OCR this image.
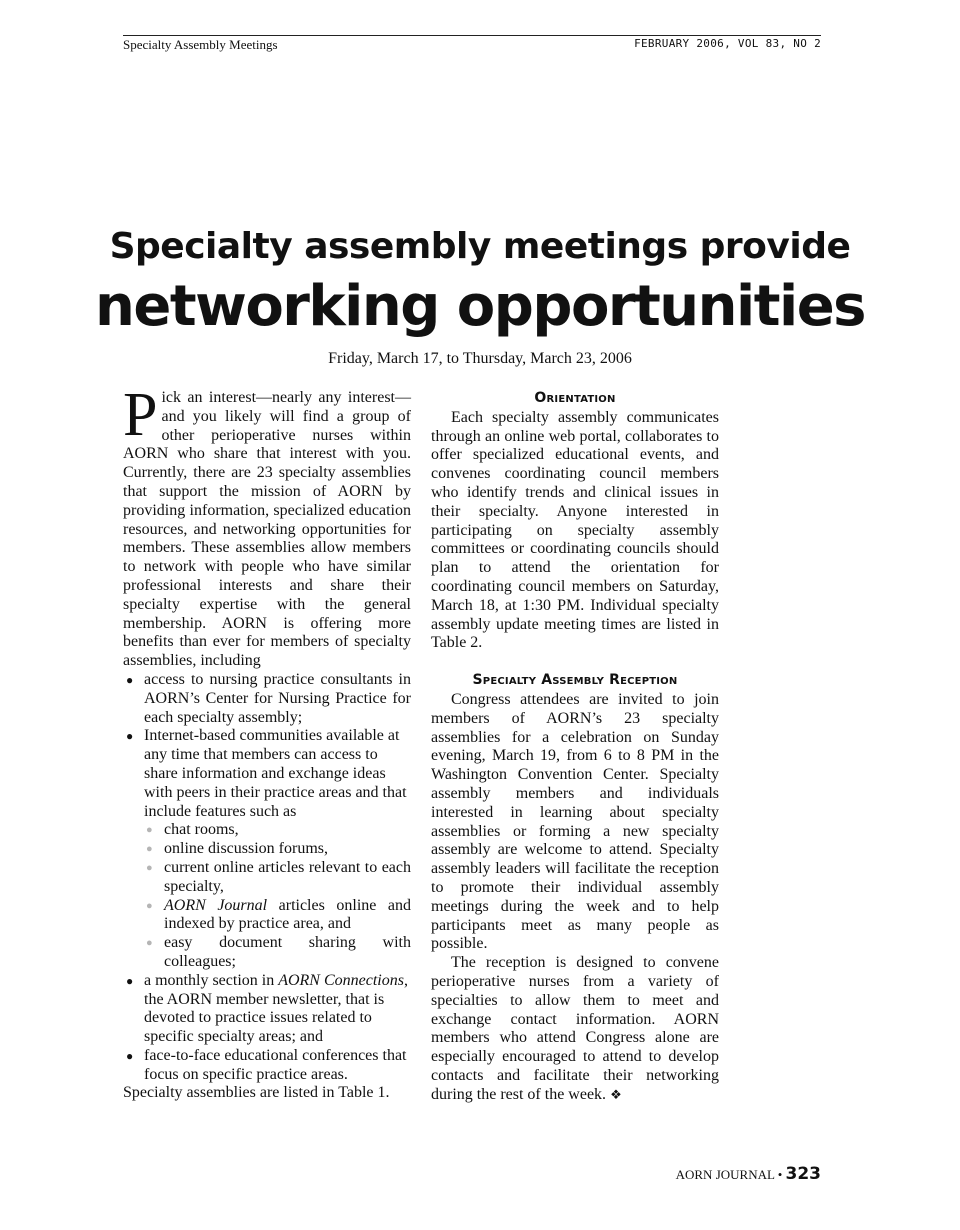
Specialty Assembly Meetings	FEBRUARY 2006, VOL 83, NO 2
Specialty assembly meetings provide
networking opportunities
Friday, March 17, to Thursday, March 23, 2006

Pick an interest—nearly any interest—and you likely will find a group of other perioperative nurses within AORN who share that interest with you. Currently, there are 23 specialty assemblies that support the mission of AORN by providing information, specialized education resources, and networking opportunities for members. These assemblies allow members to network with people who have similar professional interests and share their specialty expertise with the general membership. AORN is offering more benefits than ever for members of specialty assemblies, including

● access to nursing practice consultants in AORN’s Center for Nursing Practice for each specialty assembly;
● Internet-based communities available at any time that members can access to share information and exchange ideas with peers in their practice areas and that include features such as
● chat rooms,
● online discussion forums,
● current online articles relevant to each specialty,
● AORN Journal articles online and indexed by practice area, and
● easy document sharing with colleagues;
● a monthly section in AORN Connections, the AORN member newsletter, that is devoted to practice issues related to specific specialty areas; and
● face-to-face educational conferences that focus on specific practice areas.

Specialty assemblies are listed in Table 1.

Orientation

Each specialty assembly communicates through an online web portal, collaborates to offer specialized educational events, and convenes coordinating council members who identify trends and clinical issues in their specialty. Anyone interested in participating on specialty assembly committees or coordinating councils should plan to attend the orientation for coordinating council members on Saturday, March 18, at 1:30 PM. Individual specialty assembly update meeting times are listed in Table 2.

Specialty Assembly Reception

Congress attendees are invited to join members of AORN’s 23 specialty assemblies for a celebration on Sunday evening, March 19, from 6 to 8 PM in the Washington Convention Center. Specialty assembly members and individuals interested in learning about specialty assemblies or forming a new specialty assembly are welcome to attend. Specialty assembly leaders will facilitate the reception to promote their individual assembly meetings during the week and to help participants meet as many people as possible.

The reception is designed to convene perioperative nurses from a variety of specialties to allow them to meet and exchange contact information. AORN members who attend Congress alone are especially encouraged to attend to develop contacts and facilitate their networking during the rest of the week. ❖

AORN JOURNAL • 323
